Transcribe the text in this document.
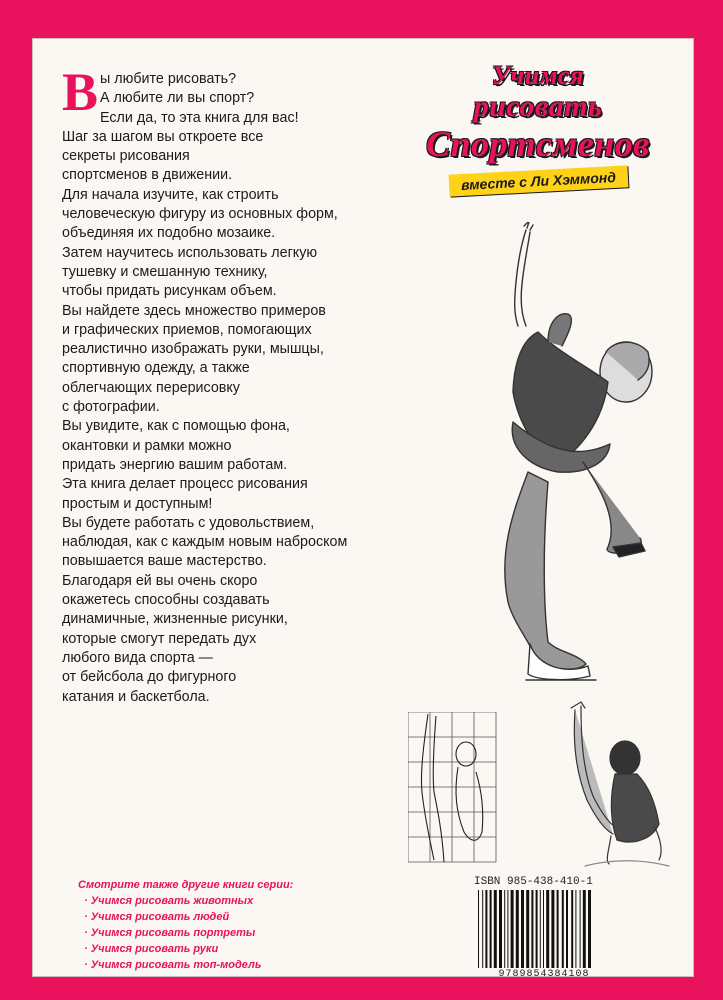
В ы любите рисовать?
А любите ли вы спорт?
Если да, то эта книга для вас!
Шаг за шагом вы откроете все
секреты рисования
спортсменов в движении.
Для начала изучите, как строить
человеческую фигуру из основных форм,
объединяя их подобно мозаике.
Затем научитесь использовать легкую
тушевку и смешанную технику,
чтобы придать рисункам объем.
Вы найдете здесь множество примеров
и графических приемов, помогающих
реалистично изображать руки, мышцы,
спортивную одежду, а также
облегчающих перерисовку
с фотографии.
Вы увидите, как с помощью фона,
окантовки и рамки можно
придать энергию вашим работам.
Эта книга делает процесс рисования
простым и доступным!
Вы будете работать с удовольствием,
наблюдая, как с каждым новым наброском
повышается ваше мастерство.
Благодаря ей вы очень скоро
окажетесь способны создавать
динамичные, жизненные рисунки,
которые смогут передать дух
любого вида спорта —
от бейсбола до фигурного
катания и баскетбола.
Учимся
рисовать
Спортсменов
вместе с Ли Хэммонд
Смотрите также другие книги серии:
· Учимся рисовать животных
· Учимся рисовать людей
· Учимся рисовать портреты
· Учимся рисовать руки
· Учимся рисовать топ-модель
ISBN 985-438-410-1
9789854384108
